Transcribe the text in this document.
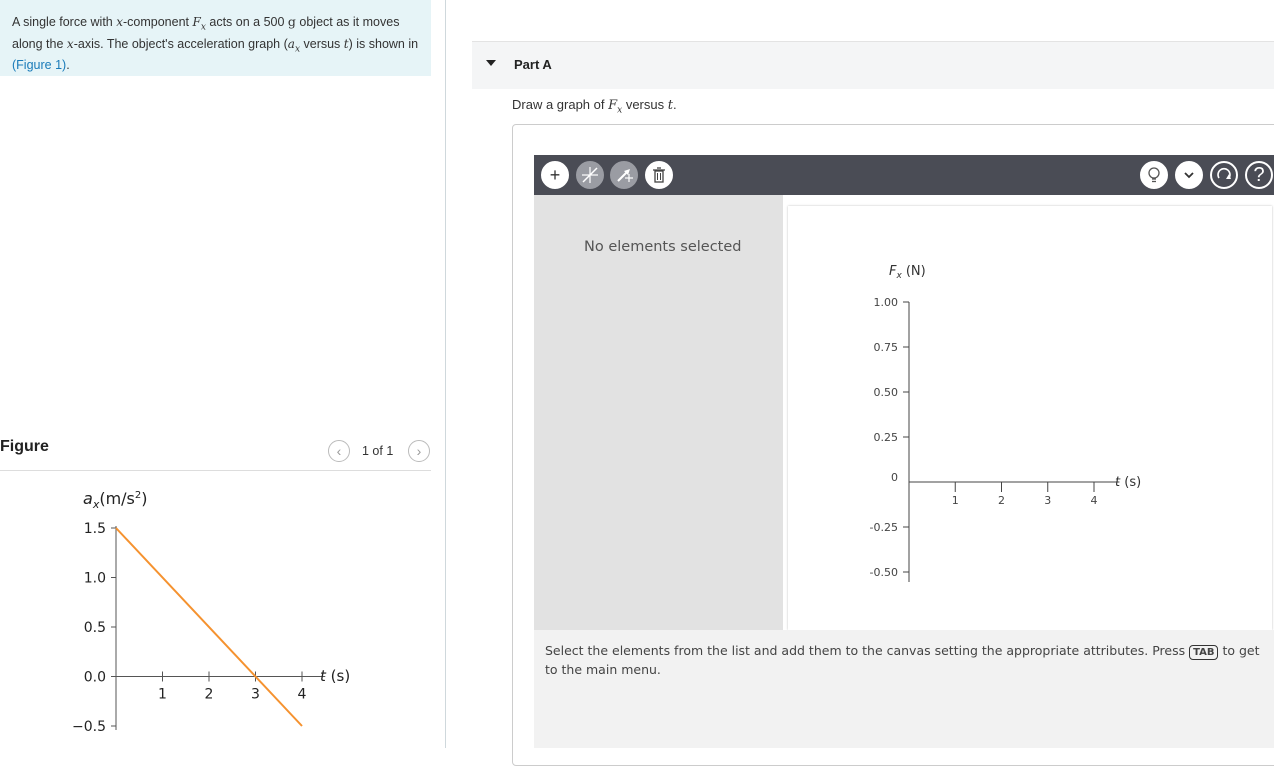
A single force with x-component $F_x$ acts on a 500 g object as it moves along the x-axis. The object's acceleration graph ($a_x$ versus t) is shown in (Figure 1).
Figure	‹	1 of 1	›
$a_x(m/s^2)$
1.5
1.0
0.5
0.0
−0.5
1	2	3	4
t (s)
Part A
Draw a graph of $F_x$ versus t.
+	?
No elements selected
$F_x$ (N)
1.00
0.75
0.50
0.25
0
-0.25
-0.50
1	2	3	4
t (s)
Select the elements from the list and add them to the canvas setting the appropriate attributes. Press TAB to get to the main menu.
